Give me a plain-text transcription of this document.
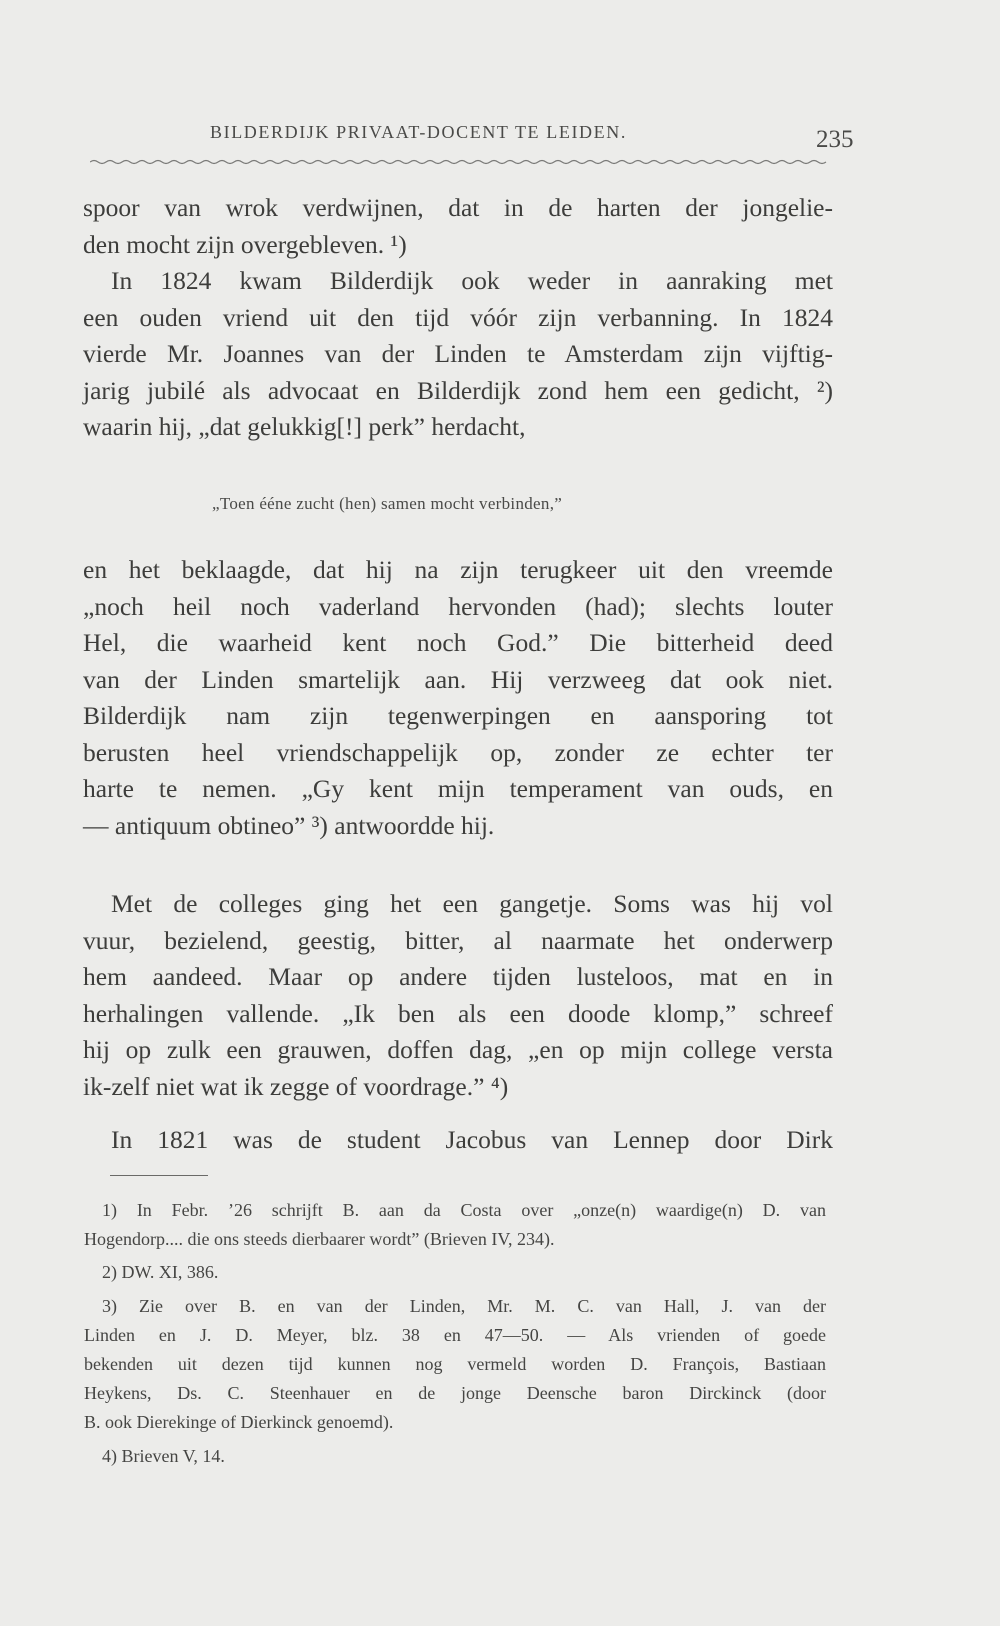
BILDERDIJK PRIVAAT-DOCENT TE LEIDEN.	235

spoor van wrok verdwijnen, dat in de harten der jongelie-

den mocht zijn overgebleven. ¹)

In 1824 kwam Bilderdijk ook weder in aanraking met

een ouden vriend uit den tijd vóór zijn verbanning. In 1824

vierde Mr. Joannes van der Linden te Amsterdam zijn vijftig-

jarig jubilé als advocaat en Bilderdijk zond hem een gedicht, ²)

waarin hij, „dat gelukkig[!] perk” herdacht,

„Toen ééne zucht (hen) samen mocht verbinden,”

en het beklaagde, dat hij na zijn terugkeer uit den vreemde

„noch heil noch vaderland hervonden (had); slechts louter

Hel, die waarheid kent noch God.” Die bitterheid deed

van der Linden smartelijk aan. Hij verzweeg dat ook niet.

Bilderdijk nam zijn tegenwerpingen en aansporing tot

berusten heel vriendschappelijk op, zonder ze echter ter

harte te nemen. „Gy kent mijn temperament van ouds, en

— antiquum obtineo” ³) antwoordde hij.

Met de colleges ging het een gangetje. Soms was hij vol

vuur, bezielend, geestig, bitter, al naarmate het onderwerp

hem aandeed. Maar op andere tijden lusteloos, mat en in

herhalingen vallende. „Ik ben als een doode klomp,” schreef

hij op zulk een grauwen, doffen dag, „en op mijn college versta

ik-zelf niet wat ik zegge of voordrage.” ⁴)

In 1821 was de student Jacobus van Lennep door Dirk

1) In Febr. ’26 schrijft B. aan da Costa over „onze(n) waardige(n) D. van

Hogendorp.... die ons steeds dierbaarer wordt” (Brieven IV, 234).

2) DW. XI, 386.

3) Zie over B. en van der Linden, Mr. M. C. van Hall, J. van der

Linden en J. D. Meyer, blz. 38 en 47—50. — Als vrienden of goede

bekenden uit dezen tijd kunnen nog vermeld worden D. François, Bastiaan

Heykens, Ds. C. Steenhauer en de jonge Deensche baron Dirckinck (door

B. ook Dierekinge of Dierkinck genoemd).

4) Brieven V, 14.
